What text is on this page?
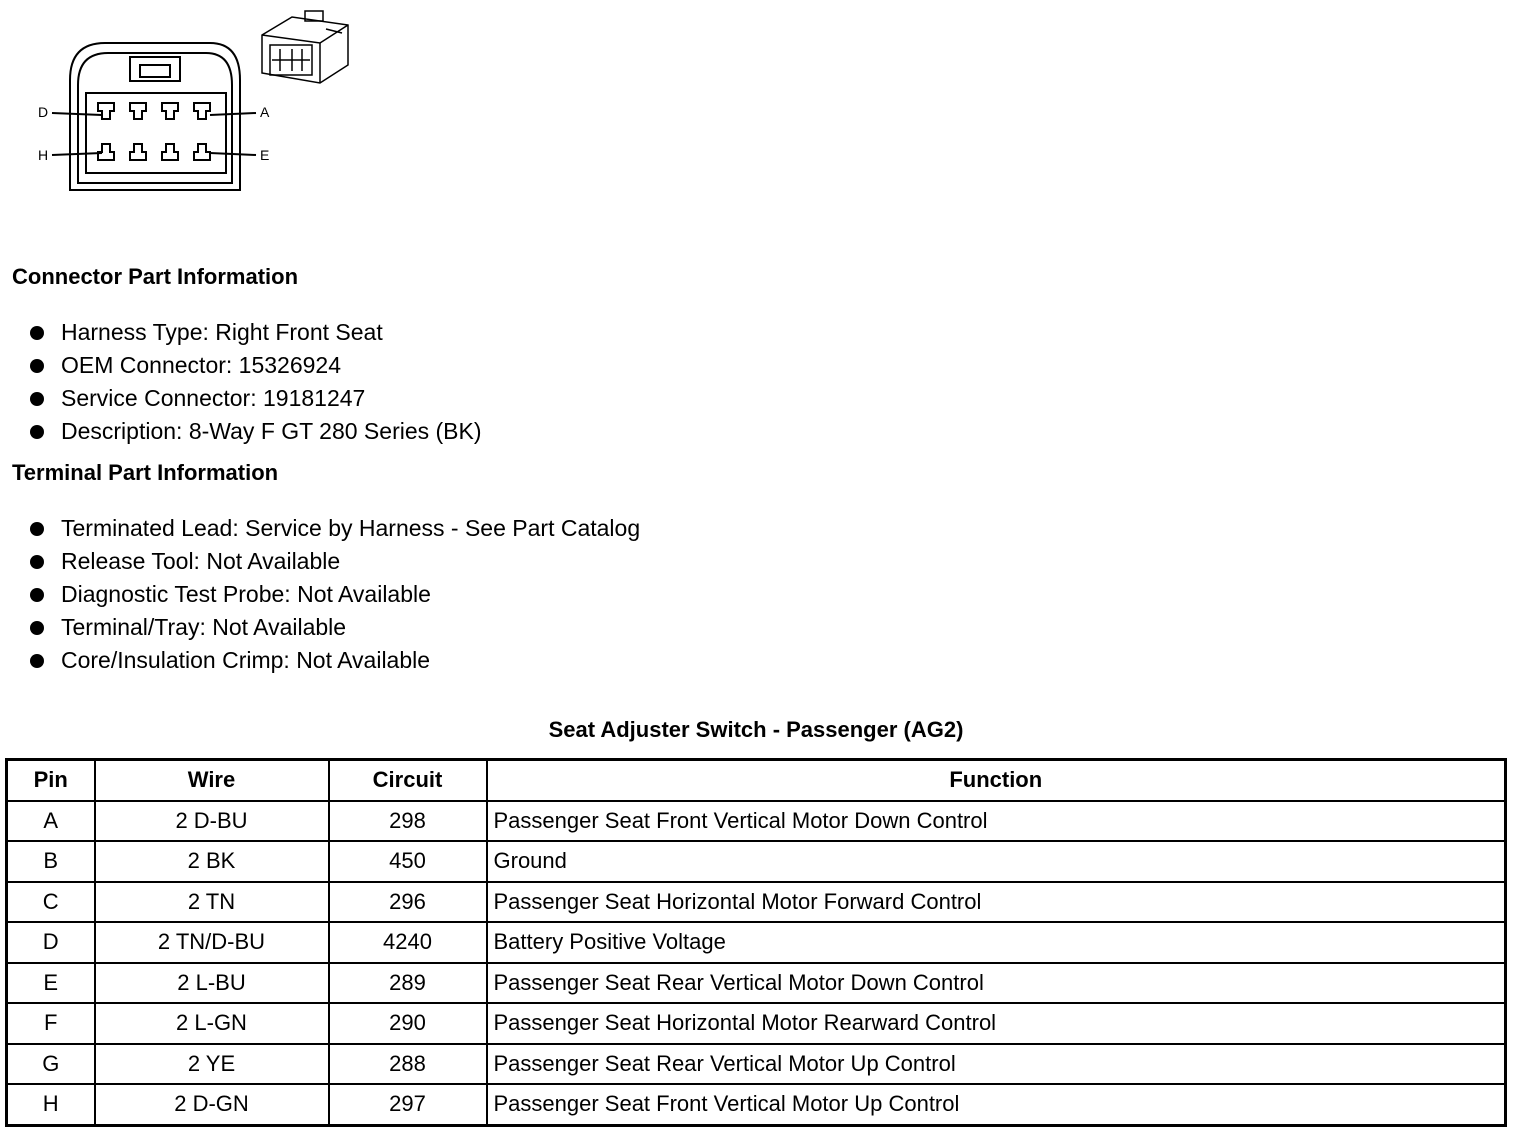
D	A
H	E
Connector Part Information
Harness Type: Right Front Seat
OEM Connector: 15326924
Service Connector: 19181247
Description: 8-Way F GT 280 Series (BK)
Terminal Part Information
Terminated Lead: Service by Harness - See Part Catalog
Release Tool: Not Available
Diagnostic Test Probe: Not Available
Terminal/Tray: Not Available
Core/Insulation Crimp: Not Available
Seat Adjuster Switch - Passenger (AG2)
Pin	Wire	Circuit	Function
A	2 D-BU	298	Passenger Seat Front Vertical Motor Down Control
B	2 BK	450	Ground
C	2 TN	296	Passenger Seat Horizontal Motor Forward Control
D	2 TN/D-BU	4240	Battery Positive Voltage
E	2 L-BU	289	Passenger Seat Rear Vertical Motor Down Control
F	2 L-GN	290	Passenger Seat Horizontal Motor Rearward Control
G	2 YE	288	Passenger Seat Rear Vertical Motor Up Control
H	2 D-GN	297	Passenger Seat Front Vertical Motor Up Control
